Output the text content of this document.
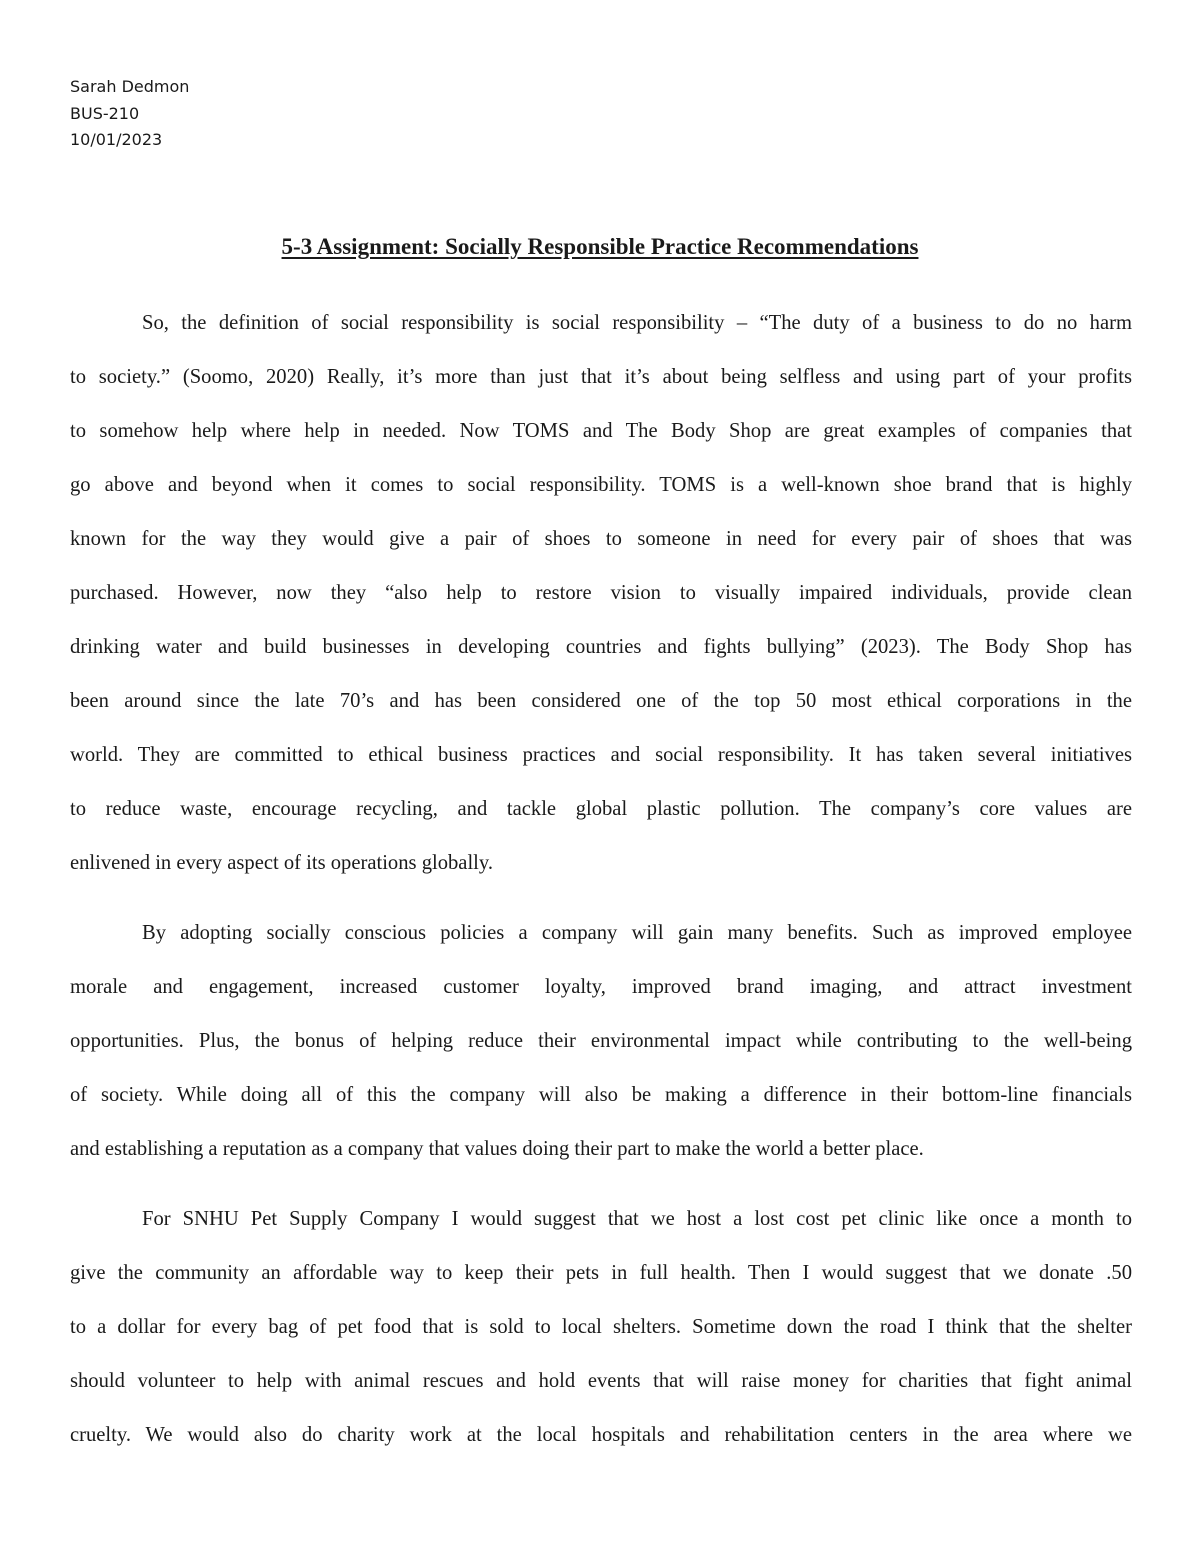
Sarah Dedmon
BUS-210
10/01/2023
5-3 Assignment: Socially Responsible Practice Recommendations
So, the definition of social responsibility is social responsibility – “The duty of a business to do no harm
to society.” (Soomo, 2020) Really, it’s more than just that it’s about being selfless and using part of your profits
to somehow help where help in needed. Now TOMS and The Body Shop are great examples of companies that
go above and beyond when it comes to social responsibility. TOMS is a well-known shoe brand that is highly
known for the way they would give a pair of shoes to someone in need for every pair of shoes that was
purchased. However, now they “also help to restore vision to visually impaired individuals, provide clean
drinking water and build businesses in developing countries and fights bullying” (2023). The Body Shop has
been around since the late 70’s and has been considered one of the top 50 most ethical corporations in the
world. They are committed to ethical business practices and social responsibility. It has taken several initiatives
to reduce waste, encourage recycling, and tackle global plastic pollution. The company’s core values are
enlivened in every aspect of its operations globally.
By adopting socially conscious policies a company will gain many benefits. Such as improved employee
morale and engagement, increased customer loyalty, improved brand imaging, and attract investment
opportunities. Plus, the bonus of helping reduce their environmental impact while contributing to the well-being
of society. While doing all of this the company will also be making a difference in their bottom-line financials
and establishing a reputation as a company that values doing their part to make the world a better place.
For SNHU Pet Supply Company I would suggest that we host a lost cost pet clinic like once a month to
give the community an affordable way to keep their pets in full health. Then I would suggest that we donate .50
to a dollar for every bag of pet food that is sold to local shelters. Sometime down the road I think that the shelter
should volunteer to help with animal rescues and hold events that will raise money for charities that fight animal
cruelty. We would also do charity work at the local hospitals and rehabilitation centers in the area where we
